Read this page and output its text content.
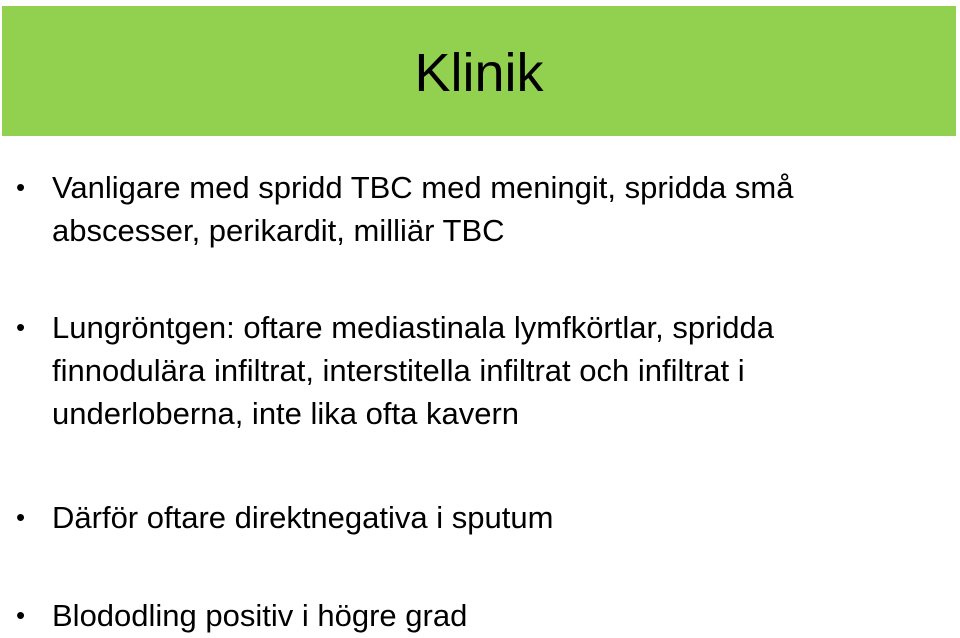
Klinik
• Vanligare med spridd TBC med meningit, spridda små
abscesser, perikardit, milliär TBC
• Lungröntgen: oftare mediastinala lymfkörtlar, spridda
finnodulära infiltrat, interstitella infiltrat och infiltrat i
underloberna, inte lika ofta kavern
• Därför oftare direktnegativa i sputum
• Blododling positiv i högre grad
